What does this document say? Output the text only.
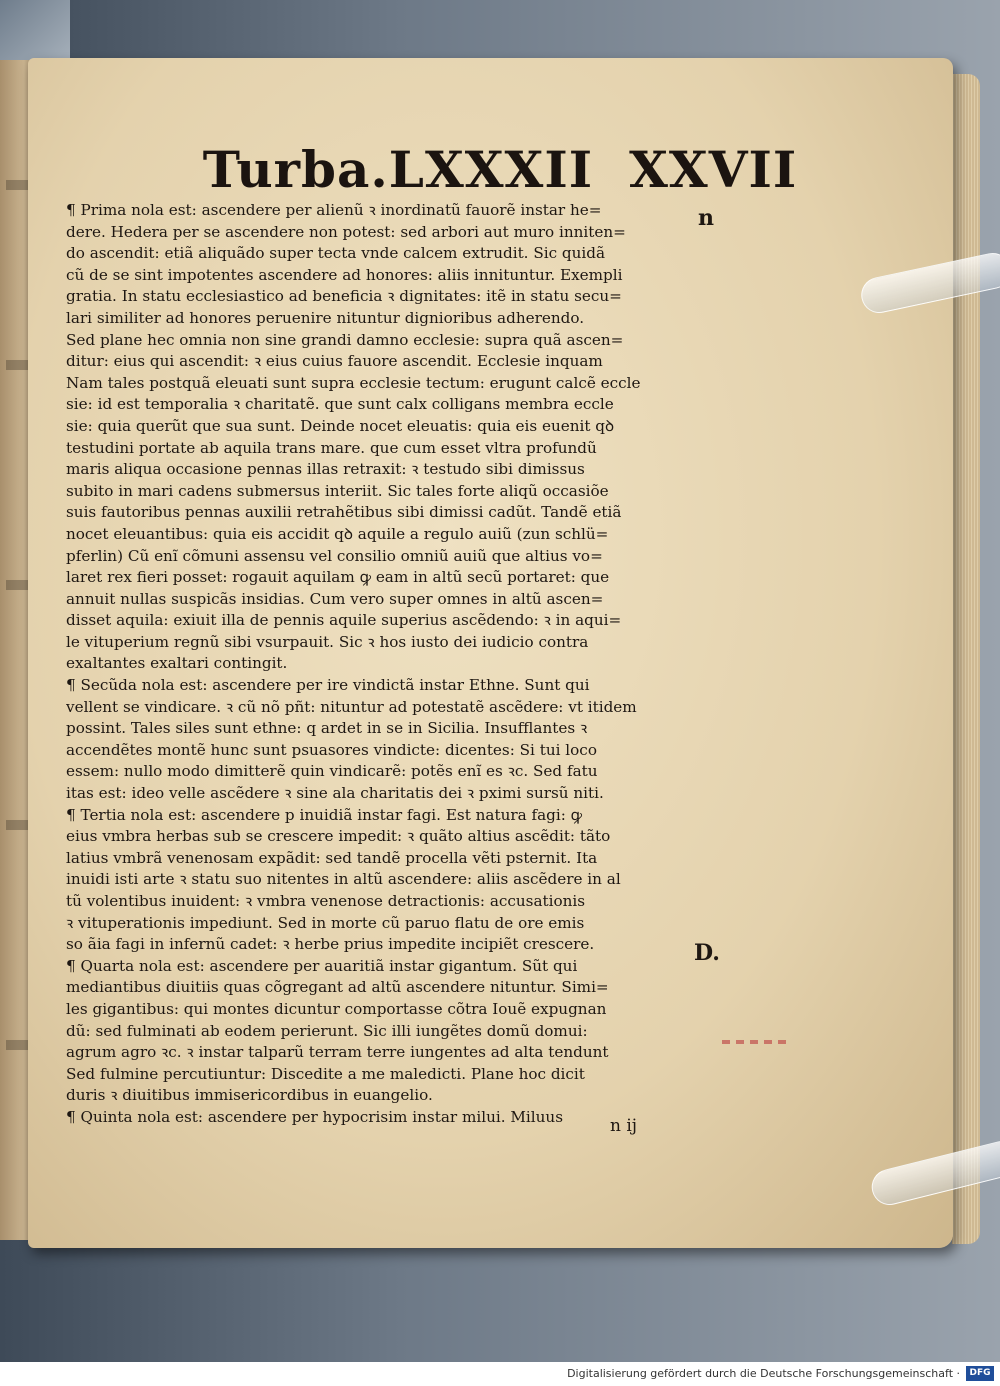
Turba.LXXXII XXVII
n
D.
¶ Prima nola est: ascendere per alienũ ꝛ inordinatũ fauorẽ instar he=
dere. Hedera per se ascendere non potest: sed arbori aut muro inniten=
do ascendit: etiã aliquãdo super tecta vnde calcem extrudit. Sic quidã
cũ de se sint impotentes ascendere ad honores: aliis innituntur. Exempli
gratia. In statu ecclesiastico ad beneficia ꝛ dignitates: itẽ in statu secu=
lari similiter ad honores peruenire nituntur dignioribus adherendo.
Sed plane hec omnia non sine grandi damno ecclesie: supra quã ascen=
ditur: eius qui ascendit: ꝛ eius cuius fauore ascendit. Ecclesie inquam
Nam tales postquã eleuati sunt supra ecclesie tectum: erugunt calcẽ eccle
sie: id est temporalia ꝛ charitatẽ. que sunt calx colligans membra eccle
sie: quia querũt que sua sunt. Deinde nocet eleuatis: quia eis euenit qꝺ
testudini portate ab aquila trans mare. que cum esset vltra profundũ
maris aliqua occasione pennas illas retraxit: ꝛ testudo sibi dimissus
subito in mari cadens submersus interiit. Sic tales forte aliqũ occasiõe
suis fautoribus pennas auxilii retrahẽtibus sibi dimissi cadũt. Tandẽ etiã
nocet eleuantibus: quia eis accidit qꝺ aquile a regulo auiũ (zun schlü=
pferlin) Cũ enĩ cõmuni assensu vel consilio omniũ auiũ que altius vo=
laret rex fieri posset: rogauit aquilam ꝙ eam in altũ secũ portaret: que
annuit nullas suspicãs insidias. Cum vero super omnes in altũ ascen=
disset aquila: exiuit illa de pennis aquile superius ascẽdendo: ꝛ in aqui=
le vituperium regnũ sibi vsurpauit. Sic ꝛ hos iusto dei iudicio contra
exaltantes exaltari contingit.
¶ Secũda nola est: ascendere per ire vindictã instar Ethne. Sunt qui
vellent se vindicare. ꝛ cũ nõ pñt: nituntur ad potestatẽ ascẽdere: vt itidem
possint. Tales siles sunt ethne: q ardet in se in Sicilia. Insufflantes ꝛ
accendẽtes montẽ hunc sunt psuasores vindicte: dicentes: Si tui loco
essem: nullo modo dimitterẽ quin vindicarẽ: potẽs enĩ es ꝛc. Sed fatu
itas est: ideo velle ascẽdere ꝛ sine ala charitatis dei ꝛ pximi sursũ niti.
¶ Tertia nola est: ascendere p inuidiã instar fagi. Est natura fagi: ꝙ
eius vmbra herbas sub se crescere impedit: ꝛ quãto altius ascẽdit: tãto
latius vmbrã venenosam expãdit: sed tandẽ procella vẽti psternit. Ita
inuidi isti arte ꝛ statu suo nitentes in altũ ascendere: aliis ascẽdere in al
tũ volentibus inuident: ꝛ vmbra venenose detractionis: accusationis
ꝛ vituperationis impediunt. Sed in morte cũ paruo flatu de ore emis
so ãia fagi in infernũ cadet: ꝛ herbe prius impedite incipiẽt crescere.
¶ Quarta nola est: ascendere per auaritiã instar gigantum. Sũt qui
mediantibus diuitiis quas cõgregant ad altũ ascendere nituntur. Simi=
les gigantibus: qui montes dicuntur comportasse cõtra Iouẽ expugnan
dũ: sed fulminati ab eodem perierunt. Sic illi iungẽtes domũ domui:
agrum agro ꝛc. ꝛ instar talparũ terram terre iungentes ad alta tendunt
Sed fulmine percutiuntur: Discedite a me maledicti. Plane hoc dicit
duris ꝛ diuitibus immisericordibus in euangelio.
¶ Quinta nola est: ascendere per hypocrisim instar milui. Miluus	n ij
Digitalisierung gefördert durch die Deutsche Forschungsgemeinschaft ·	DFG
